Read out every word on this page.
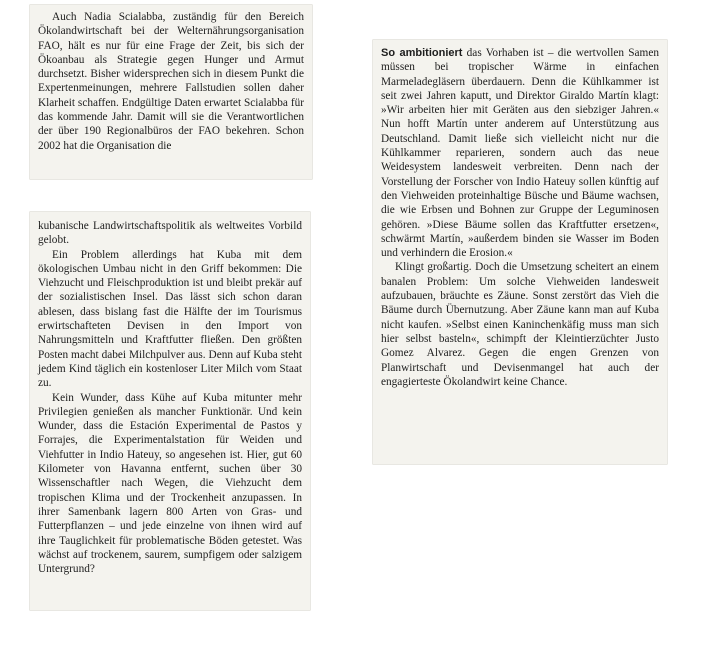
Auch Nadia Scialabba, zuständig für den Bereich Ökolandwirtschaft bei der Welternährungsorganisation FAO, hält es nur für eine Frage der Zeit, bis sich der Ökoanbau als Strategie gegen Hunger und Armut durchsetzt. Bisher widersprechen sich in diesem Punkt die Expertenmeinungen, mehrere Fallstudien sollen daher Klarheit schaffen. Endgültige Daten erwartet Scialabba für das kommende Jahr. Damit will sie die Verantwortlichen der über 190 Regionalbüros der FAO bekehren. Schon 2002 hat die Organisation die

kubanische Landwirtschaftspolitik als weltweites Vorbild gelobt.

Ein Problem allerdings hat Kuba mit dem ökologischen Umbau nicht in den Griff bekommen: Die Viehzucht und Fleischproduktion ist und bleibt prekär auf der sozialistischen Insel. Das lässt sich schon daran ablesen, dass bislang fast die Hälfte der im Tourismus erwirtschafteten Devisen in den Import von Nahrungsmitteln und Kraftfutter fließen. Den größten Posten macht dabei Milchpulver aus. Denn auf Kuba steht jedem Kind täglich ein kostenloser Liter Milch vom Staat zu.

Kein Wunder, dass Kühe auf Kuba mitunter mehr Privilegien genießen als mancher Funktionär. Und kein Wunder, dass die Estación Experimental de Pastos y Forrajes, die Experimentalstation für Weiden und Viehfutter in Indio Hateuy, so angesehen ist. Hier, gut 60 Kilometer von Havanna entfernt, suchen über 30 Wissenschaftler nach Wegen, die Viehzucht dem tropischen Klima und der Trockenheit anzupassen. In ihrer Samenbank lagern 800 Arten von Gras- und Futterpflanzen – und jede einzelne von ihnen wird auf ihre Tauglichkeit für problematische Böden getestet. Was wächst auf trockenem, saurem, sumpfigem oder salzigem Untergrund?

So ambitioniert das Vorhaben ist – die wertvollen Samen müssen bei tropischer Wärme in einfachen Marmeladegläsern überdauern. Denn die Kühlkammer ist seit zwei Jahren kaputt, und Direktor Giraldo Martín klagt: »Wir arbeiten hier mit Geräten aus den siebziger Jahren.« Nun hofft Martín unter anderem auf Unterstützung aus Deutschland. Damit ließe sich vielleicht nicht nur die Kühlkammer reparieren, sondern auch das neue Weidesystem landesweit verbreiten. Denn nach der Vorstellung der Forscher von Indio Hateuy sollen künftig auf den Viehweiden proteinhaltige Büsche und Bäume wachsen, die wie Erbsen und Bohnen zur Gruppe der Leguminosen gehören. »Diese Bäume sollen das Kraftfutter ersetzen«, schwärmt Martín, »außerdem binden sie Wasser im Boden und verhindern die Erosion.«

Klingt großartig. Doch die Umsetzung scheitert an einem banalen Problem: Um solche Viehweiden landesweit aufzubauen, bräuchte es Zäune. Sonst zerstört das Vieh die Bäume durch Übernutzung. Aber Zäune kann man auf Kuba nicht kaufen. »Selbst einen Kaninchenkäfig muss man sich hier selbst basteln«, schimpft der Kleintierzüchter Justo Gomez Alvarez. Gegen die engen Grenzen von Planwirtschaft und Devisenmangel hat auch der engagierteste Ökolandwirt keine Chance.
